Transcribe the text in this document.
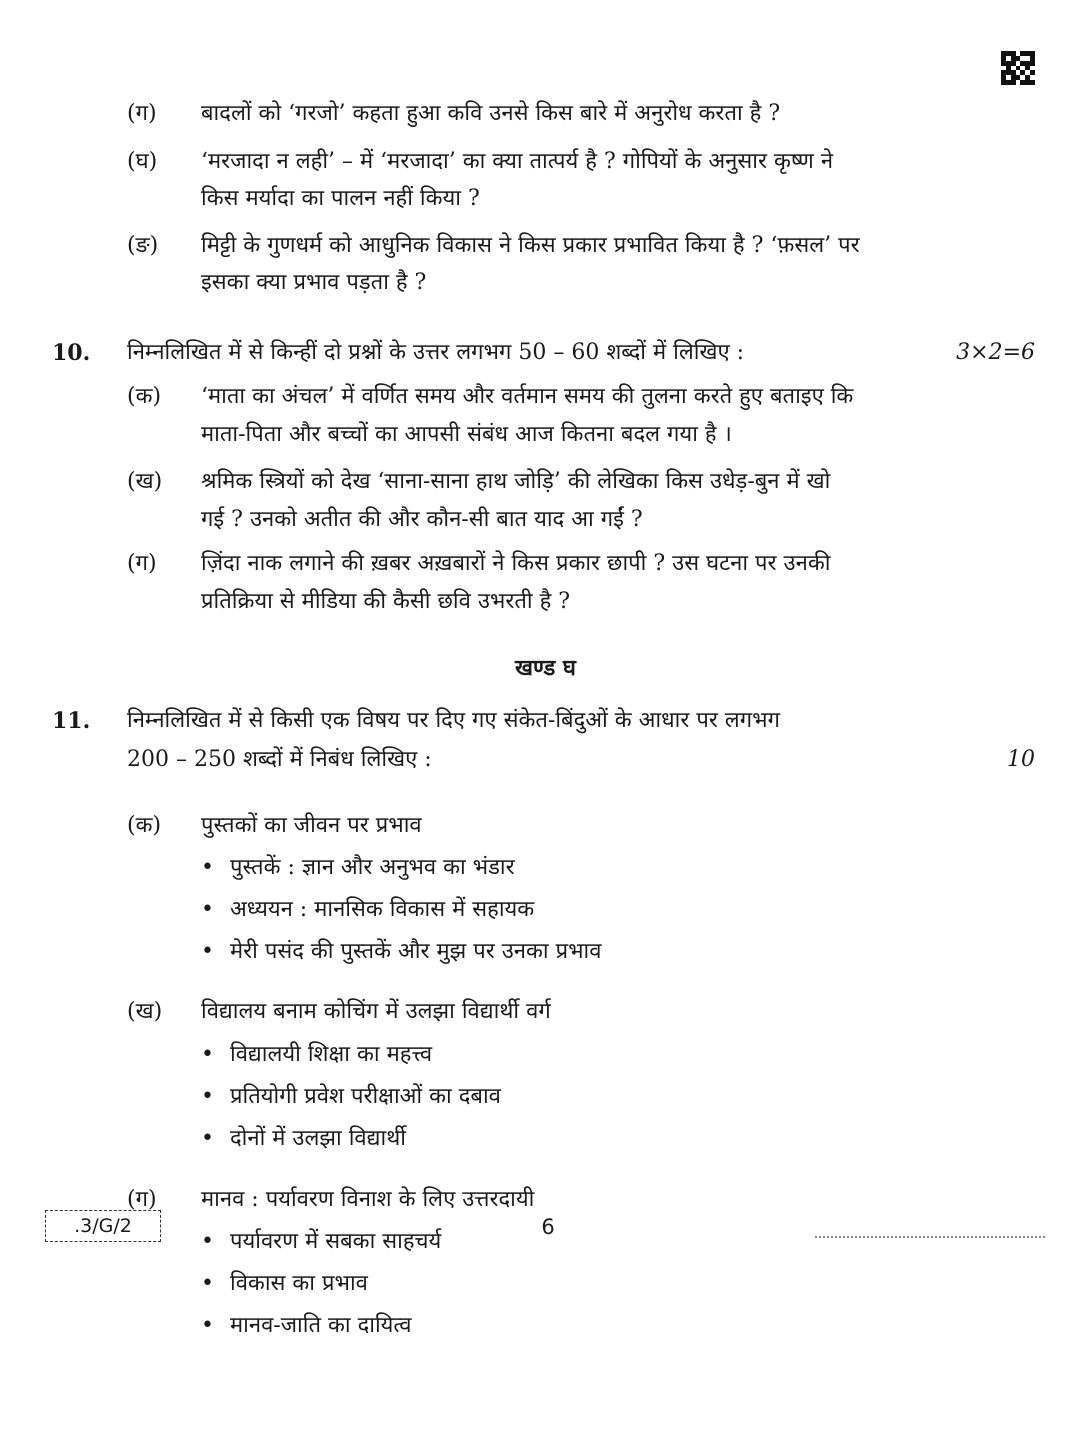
(ग) बादलों को ‘गरजो’ कहता हुआ कवि उनसे किस बारे में अनुरोध करता है ?
(घ) ‘मरजादा न लही’ – में ‘मरजादा’ का क्या तात्पर्य है ? गोपियों के अनुसार कृष्ण ने
किस मर्यादा का पालन नहीं किया ?
(ङ) मिट्टी के गुणधर्म को आधुनिक विकास ने किस प्रकार प्रभावित किया है ? ‘फ़सल’ पर
इसका क्या प्रभाव पड़ता है ?
10. निम्नलिखित में से किन्हीं दो प्रश्नों के उत्तर लगभग 50 – 60 शब्दों में लिखिए :	3×2=6
(क) ‘माता का अंचल’ में वर्णित समय और वर्तमान समय की तुलना करते हुए बताइए कि
माता-पिता और बच्चों का आपसी संबंध आज कितना बदल गया है ।
(ख) श्रमिक स्त्रियों को देख ‘साना-साना हाथ जोड़ि’ की लेखिका किस उधेड़-बुन में खो
गई ? उनको अतीत की और कौन-सी बात याद आ गईं ?
(ग) ज़िंदा नाक लगाने की ख़बर अख़बारों ने किस प्रकार छापी ? उस घटना पर उनकी
प्रतिक्रिया से मीडिया की कैसी छवि उभरती है ?
खण्ड घ
11. निम्नलिखित में से किसी एक विषय पर दिए गए संकेत-बिंदुओं के आधार पर लगभग
200 – 250 शब्दों में निबंध लिखिए :	10
(क) पुस्तकों का जीवन पर प्रभाव
• पुस्तकें : ज्ञान और अनुभव का भंडार
• अध्ययन : मानसिक विकास में सहायक
• मेरी पसंद की पुस्तकें और मुझ पर उनका प्रभाव
(ख) विद्यालय बनाम कोचिंग में उलझा विद्यार्थी वर्ग
• विद्यालयी शिक्षा का महत्त्व
• प्रतियोगी प्रवेश परीक्षाओं का दबाव
• दोनों में उलझा विद्यार्थी
(ग) मानव : पर्यावरण विनाश के लिए उत्तरदायी
• पर्यावरण में सबका साहचर्य
• विकास का प्रभाव
• मानव-जाति का दायित्व
.3/G/2	6
